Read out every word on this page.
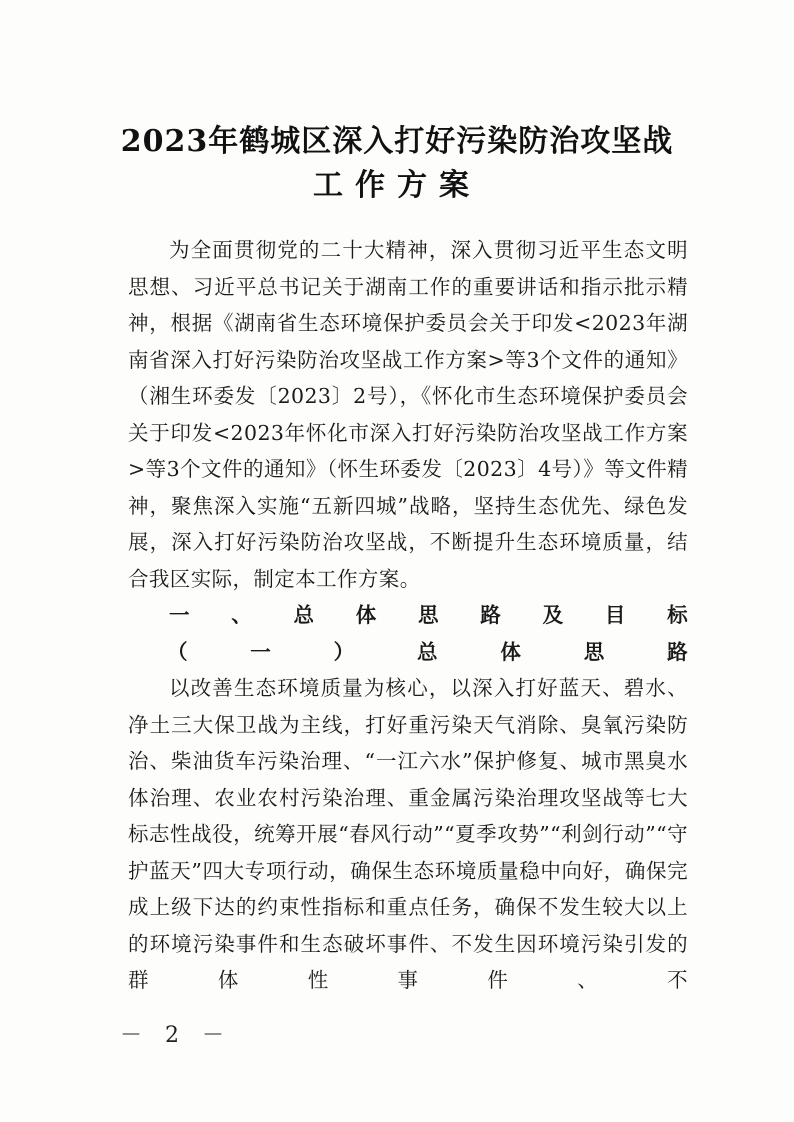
2023年鹤城区深入打好污染防治攻坚战
工作方案

为全面贯彻党的二十大精神，深入贯彻习近平生态文明思想、习近平总书记关于湖南工作的重要讲话和指示批示精神，根据《湖南省生态环境保护委员会关于印发<2023年湖南省深入打好污染防治攻坚战工作方案>等3个文件的通知》（湘生环委发〔2023〕2号），《怀化市生态环境保护委员会关于印发<2023年怀化市深入打好污染防治攻坚战工作方案>等3个文件的通知》（怀生环委发〔2023〕4号）》等文件精神，聚焦深入实施“五新四城”战略，坚持生态优先、绿色发展，深入打好污染防治攻坚战，不断提升生态环境质量，结合我区实际，制定本工作方案。

一、总体思路及目标

（一）总体思路

以改善生态环境质量为核心，以深入打好蓝天、碧水、净土三大保卫战为主线，打好重污染天气消除、臭氧污染防治、柴油货车污染治理、“一江六水”保护修复、城市黑臭水体治理、农业农村污染治理、重金属污染治理攻坚战等七大标志性战役，统筹开展“春风行动”“夏季攻势”“利剑行动”“守护蓝天”四大专项行动，确保生态环境质量稳中向好，确保完成上级下达的约束性指标和重点任务，确保不发生较大以上的环境污染事件和生态破坏事件、不发生因环境污染引发的群体性事件、不

－ 2 －
